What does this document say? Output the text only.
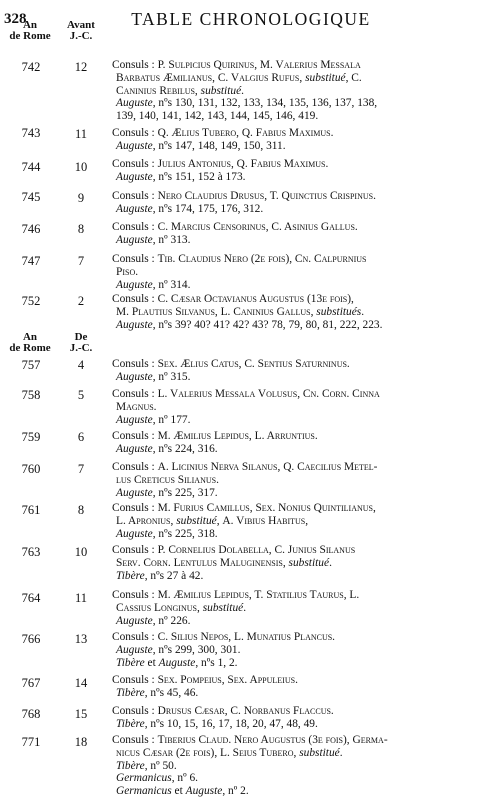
328	TABLE CHRONOLOGIQUE
An
de Rome
Avant
J.-C.
742	12	Consuls : P. Sulpicius Quirinus, M. Valerius Messala
Barbatus Æmilianus, C. Valgius Rufus, substitué, C.
Caninius Rebilus, substitué.
Auguste, nºs 130, 131, 132, 133, 134, 135, 136, 137, 138,
139, 140, 141, 142, 143, 144, 145, 146, 419.
743	11	Consuls : Q. Ælius Tubero, Q. Fabius Maximus.
Auguste, nºs 147, 148, 149, 150, 311.
744	10	Consuls : Julius Antonius, Q. Fabius Maximus.
Auguste, nºs 151, 152 à 173.
745	9	Consuls : Nero Claudius Drusus, T. Quinctius Crispinus.
Auguste, nºs 174, 175, 176, 312.
746	8	Consuls : C. Marcius Censorinus, C. Asinius Gallus.
Auguste, nº 313.
747	7	Consuls : Tib. Claudius Nero (2e fois), Cn. Calpurnius
Piso.
Auguste, nº 314.
752	2	Consuls : C. Cæsar Octavianus Augustus (13e fois),
M. Plautius Silvanus, L. Caninius Gallus, substitués.
Auguste, nºs 39? 40? 41? 42? 43? 78, 79, 80, 81, 222, 223.
An
de Rome
De
J.-C.
757	4	Consuls : Sex. Ælius Catus, C. Sentius Saturninus.
Auguste, nº 315.
758	5	Consuls : L. Valerius Messala Volusus, Cn. Corn. Cinna
Magnus.
Auguste, nº 177.
759	6	Consuls : M. Æmilius Lepidus, L. Arruntius.
Auguste, nºs 224, 316.
760	7	Consuls : A. Licinius Nerva Silanus, Q. Caecilius Metel-
lus Creticus Silianus.
Auguste, nºs 225, 317.
761	8	Consuls : M. Furius Camillus, Sex. Nonius Quintilianus,
L. Apronius, substitué, A. Vibius Habitus,
Auguste, nºs 225, 318.
763	10	Consuls : P. Cornelius Dolabella, C. Junius Silanus
Serv. Corn. Lentulus Maluginensis, substitué.
Tibère, nºs 27 à 42.
764	11	Consuls : M. Æmilius Lepidus, T. Statilius Taurus, L.
Cassius Longinus, substitué.
Auguste, nº 226.
766	13	Consuls : C. Silius Nepos, L. Munatius Plancus.
Auguste, nºs 299, 300, 301.
Tibère et Auguste, nºs 1, 2.
767	14	Consuls : Sex. Pompeius, Sex. Appuleius.
Tibère, nºs 45, 46.
768	15	Consuls : Drusus Cæsar, C. Norbanus Flaccus.
Tibère, nºs 10, 15, 16, 17, 18, 20, 47, 48, 49.
771	18	Consuls : Tiberius Claud. Nero Augustus (3e fois), Germa-
nicus Cæsar (2e fois), L. Seius Tubero, substitué.
Tibère, nº 50.
Germanicus, nº 6.
Germanicus et Auguste, nº 2.
